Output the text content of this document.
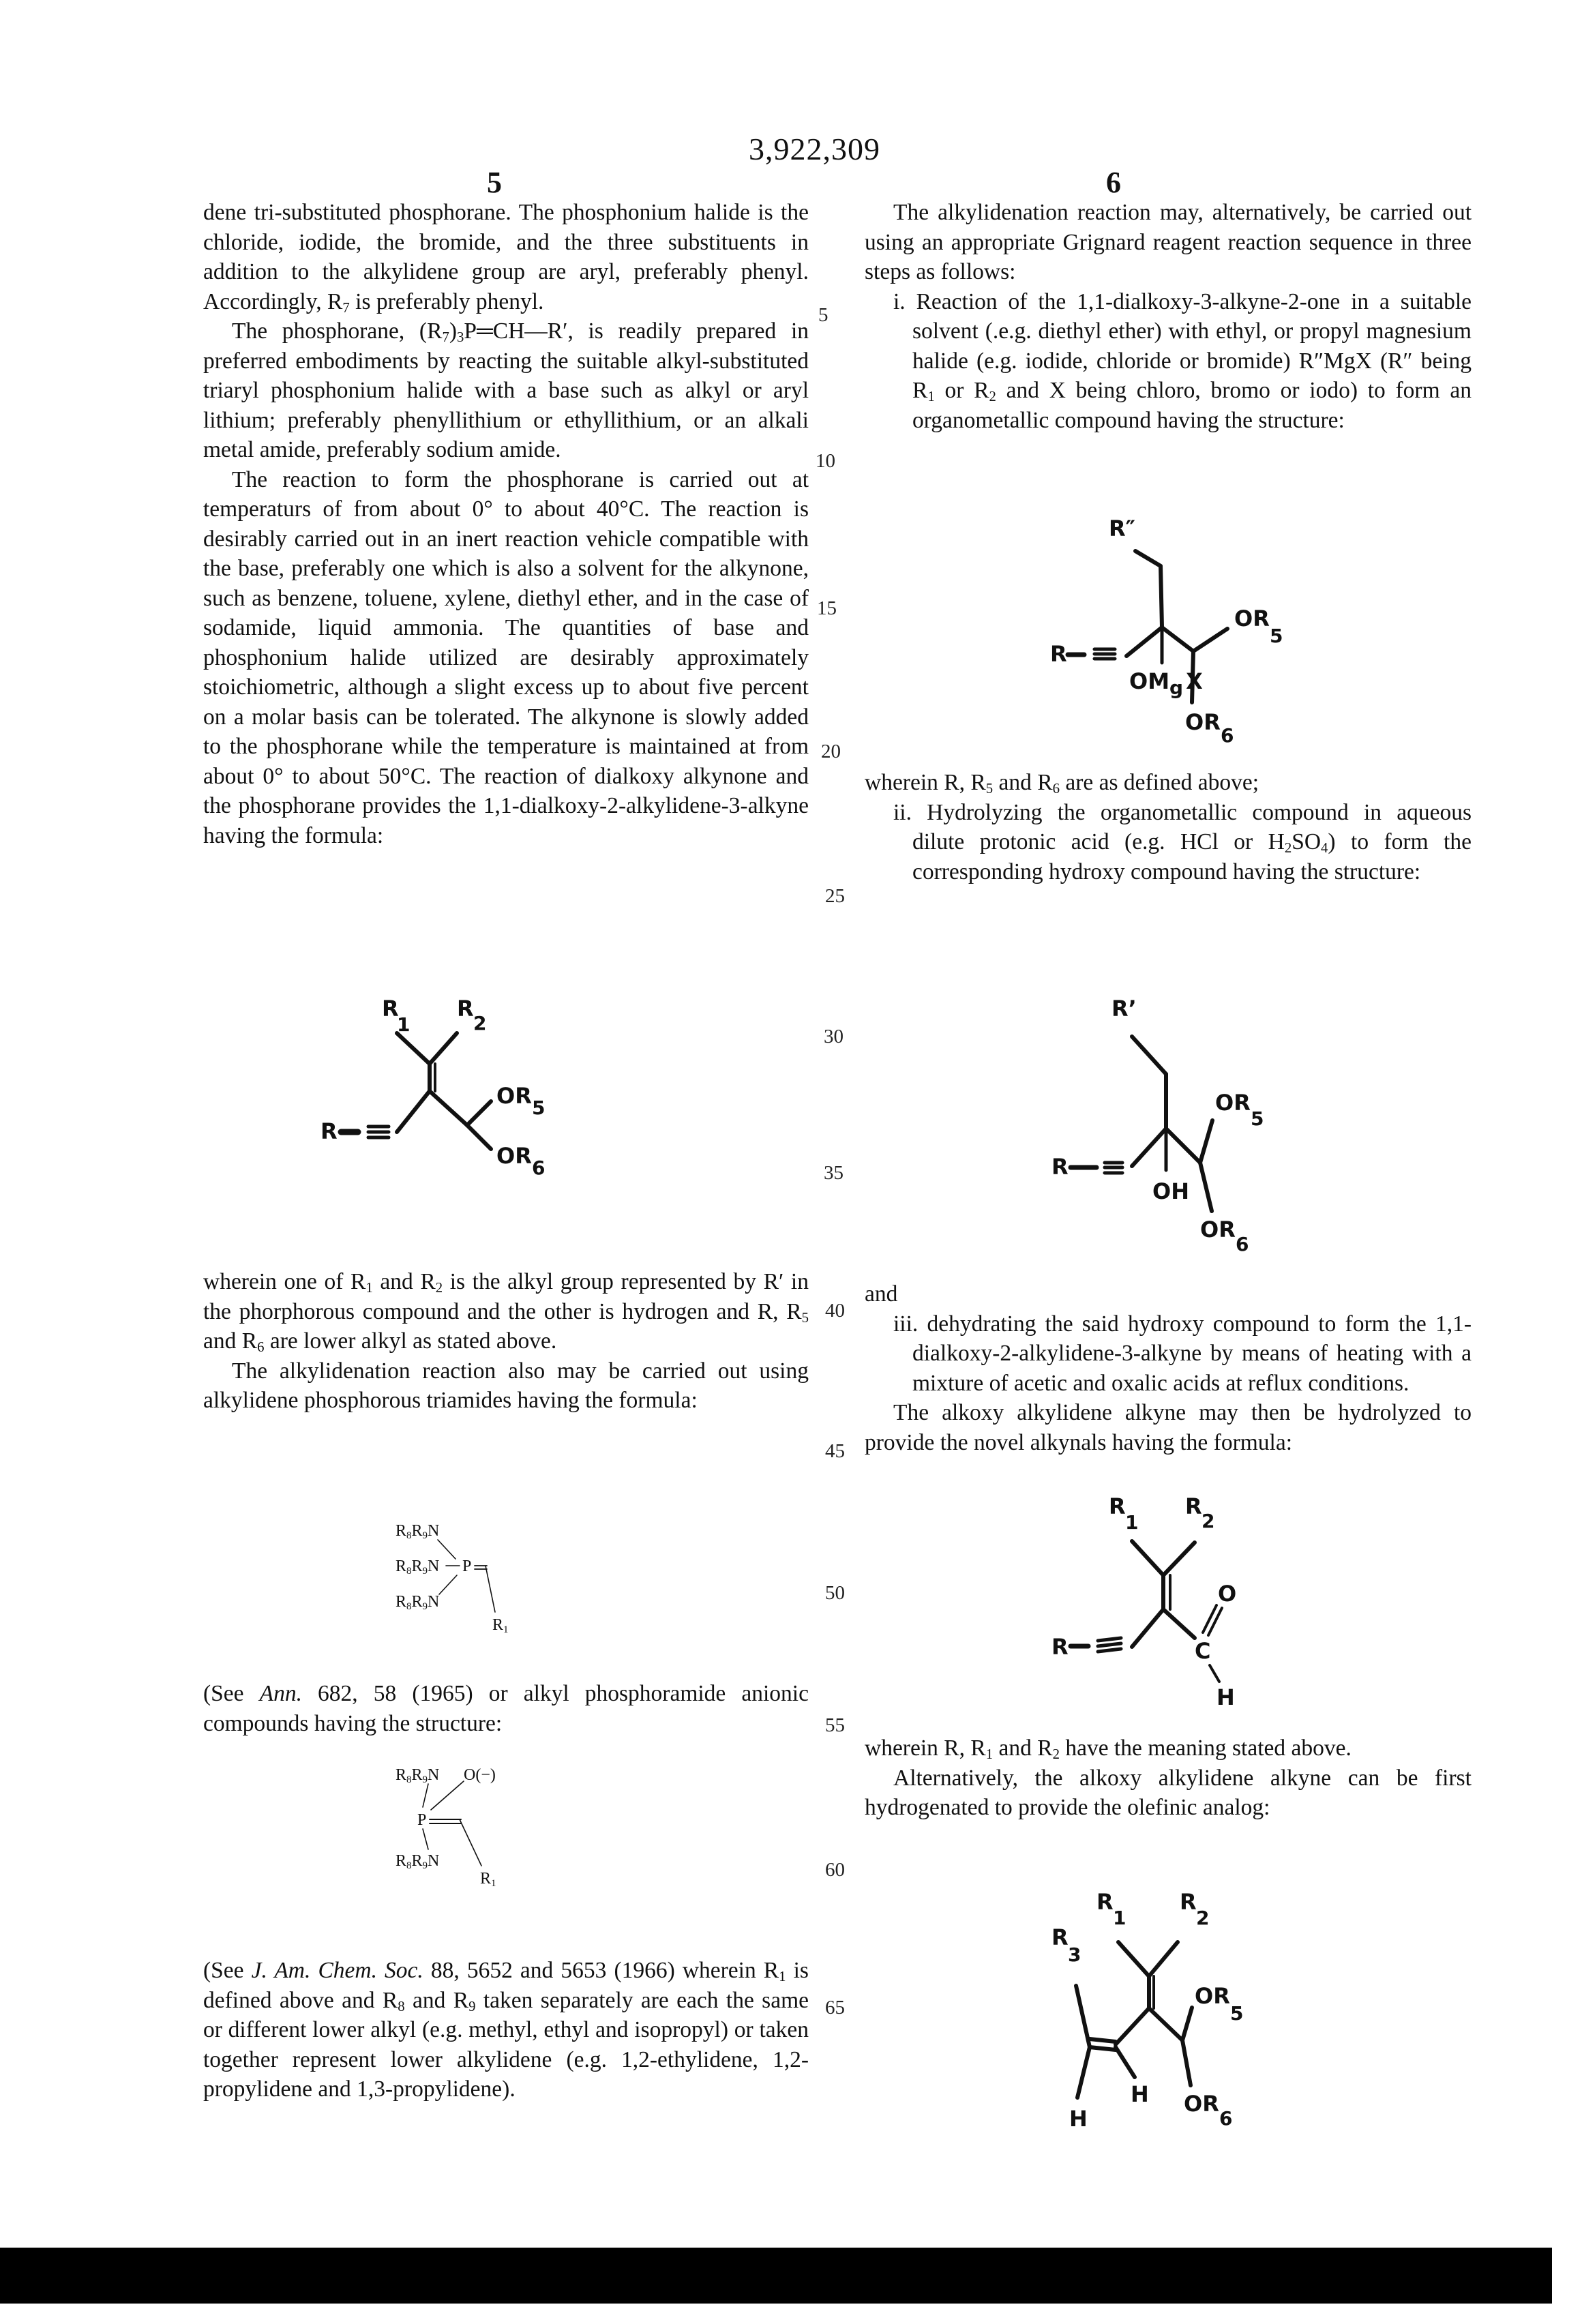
3,922,309
5	6
5
10
15
20
25
30
35
40
45
50
55
60
65

dene tri-substituted phosphorane. The phosphonium halide is the chloride, iodide, the bromide, and the three substituents in addition to the alkylidene group are aryl, preferably phenyl. Accordingly, R7 is preferably phenyl.

The phosphorane, (R7)3P═CH—R′, is readily prepared in preferred embodiments by reacting the suitable alkyl-substituted triaryl phosphonium halide with a base such as alkyl or aryl lithium; preferably phenyllithium or ethyllithium, or an alkali metal amide, preferably sodium amide.

The reaction to form the phosphorane is carried out at temperaturs of from about 0° to about 40°C. The reaction is desirably carried out in an inert reaction vehicle compatible with the base, preferably one which is also a solvent for the alkynone, such as benzene, toluene, xylene, diethyl ether, and in the case of sodamide, liquid ammonia. The quantities of base and phosphonium halide utilized are desirably approximately stoichiometric, although a slight excess up to about five percent on a molar basis can be tolerated. The alkynone is slowly added to the phosphorane while the temperature is maintained at from about 0° to about 50°C. The reaction of dialkoxy alkynone and the phosphorane provides the 1,1-dialkoxy-2-alkylidene-3-alkyne having the formula:

R
R
1
R
2
OR 5
OR 6

wherein one of R1 and R2 is the alkyl group represented by R′ in the phorphorous compound and the other is hydrogen and R, R5 and R6 are lower alkyl as stated above.

The alkylidenation reaction also may be carried out using alkylidene phosphorous triamides having the formula:

R8R9N
R8R9N
R8R9N
P
R1

(See Ann. 682, 58 (1965) or alkyl phosphoramide anionic compounds having the structure:

R8R9N O(−)
P
R8R9N
R1

(See J. Am. Chem. Soc. 88, 5652 and 5653 (1966) wherein R1 is defined above and R8 and R9 taken separately are each the same or different lower alkyl (e.g. methyl, ethyl and isopropyl) or taken together represent lower alkylidene (e.g. 1,2-ethylidene, 1,2-propylidene and 1,3-propylidene).

The alkylidenation reaction may, alternatively, be carried out using an appropriate Grignard reagent reaction sequence in three steps as follows:

i. Reaction of the 1,1-dialkoxy-3-alkyne-2-one in a suitable solvent (.e.g. diethyl ether) with ethyl, or propyl magnesium halide (e.g. iodide, chloride or bromide) R″MgX (R″ being R1 or R2 and X being chloro, bromo or iodo) to form an organometallic compound having the structure:

R″
R
OMg X
OR
5
OR
6

wherein R, R5 and R6 are as defined above;

ii. Hydrolyzing the organometallic compound in aqueous dilute protonic acid (e.g. HCl or H2SO4) to form the corresponding hydroxy compound having the structure:

R’
R
OH
OR
5
OR
6

and

iii. dehydrating the said hydroxy compound to form the 1,1-dialkoxy-2-alkylidene-3-alkyne by means of heating with a mixture of acetic and oxalic acids at reflux conditions.

The alkoxy alkylidene alkyne may then be hydrolyzed to provide the novel alkynals having the formula:

R
1
R
2
R	C
O
H

wherein R, R1 and R2 have the meaning stated above.

Alternatively, the alkoxy alkylidene alkyne can be first hydrogenated to provide the olefinic analog:

R
1
R
2
R
3
H
H
OR
5
OR
6
